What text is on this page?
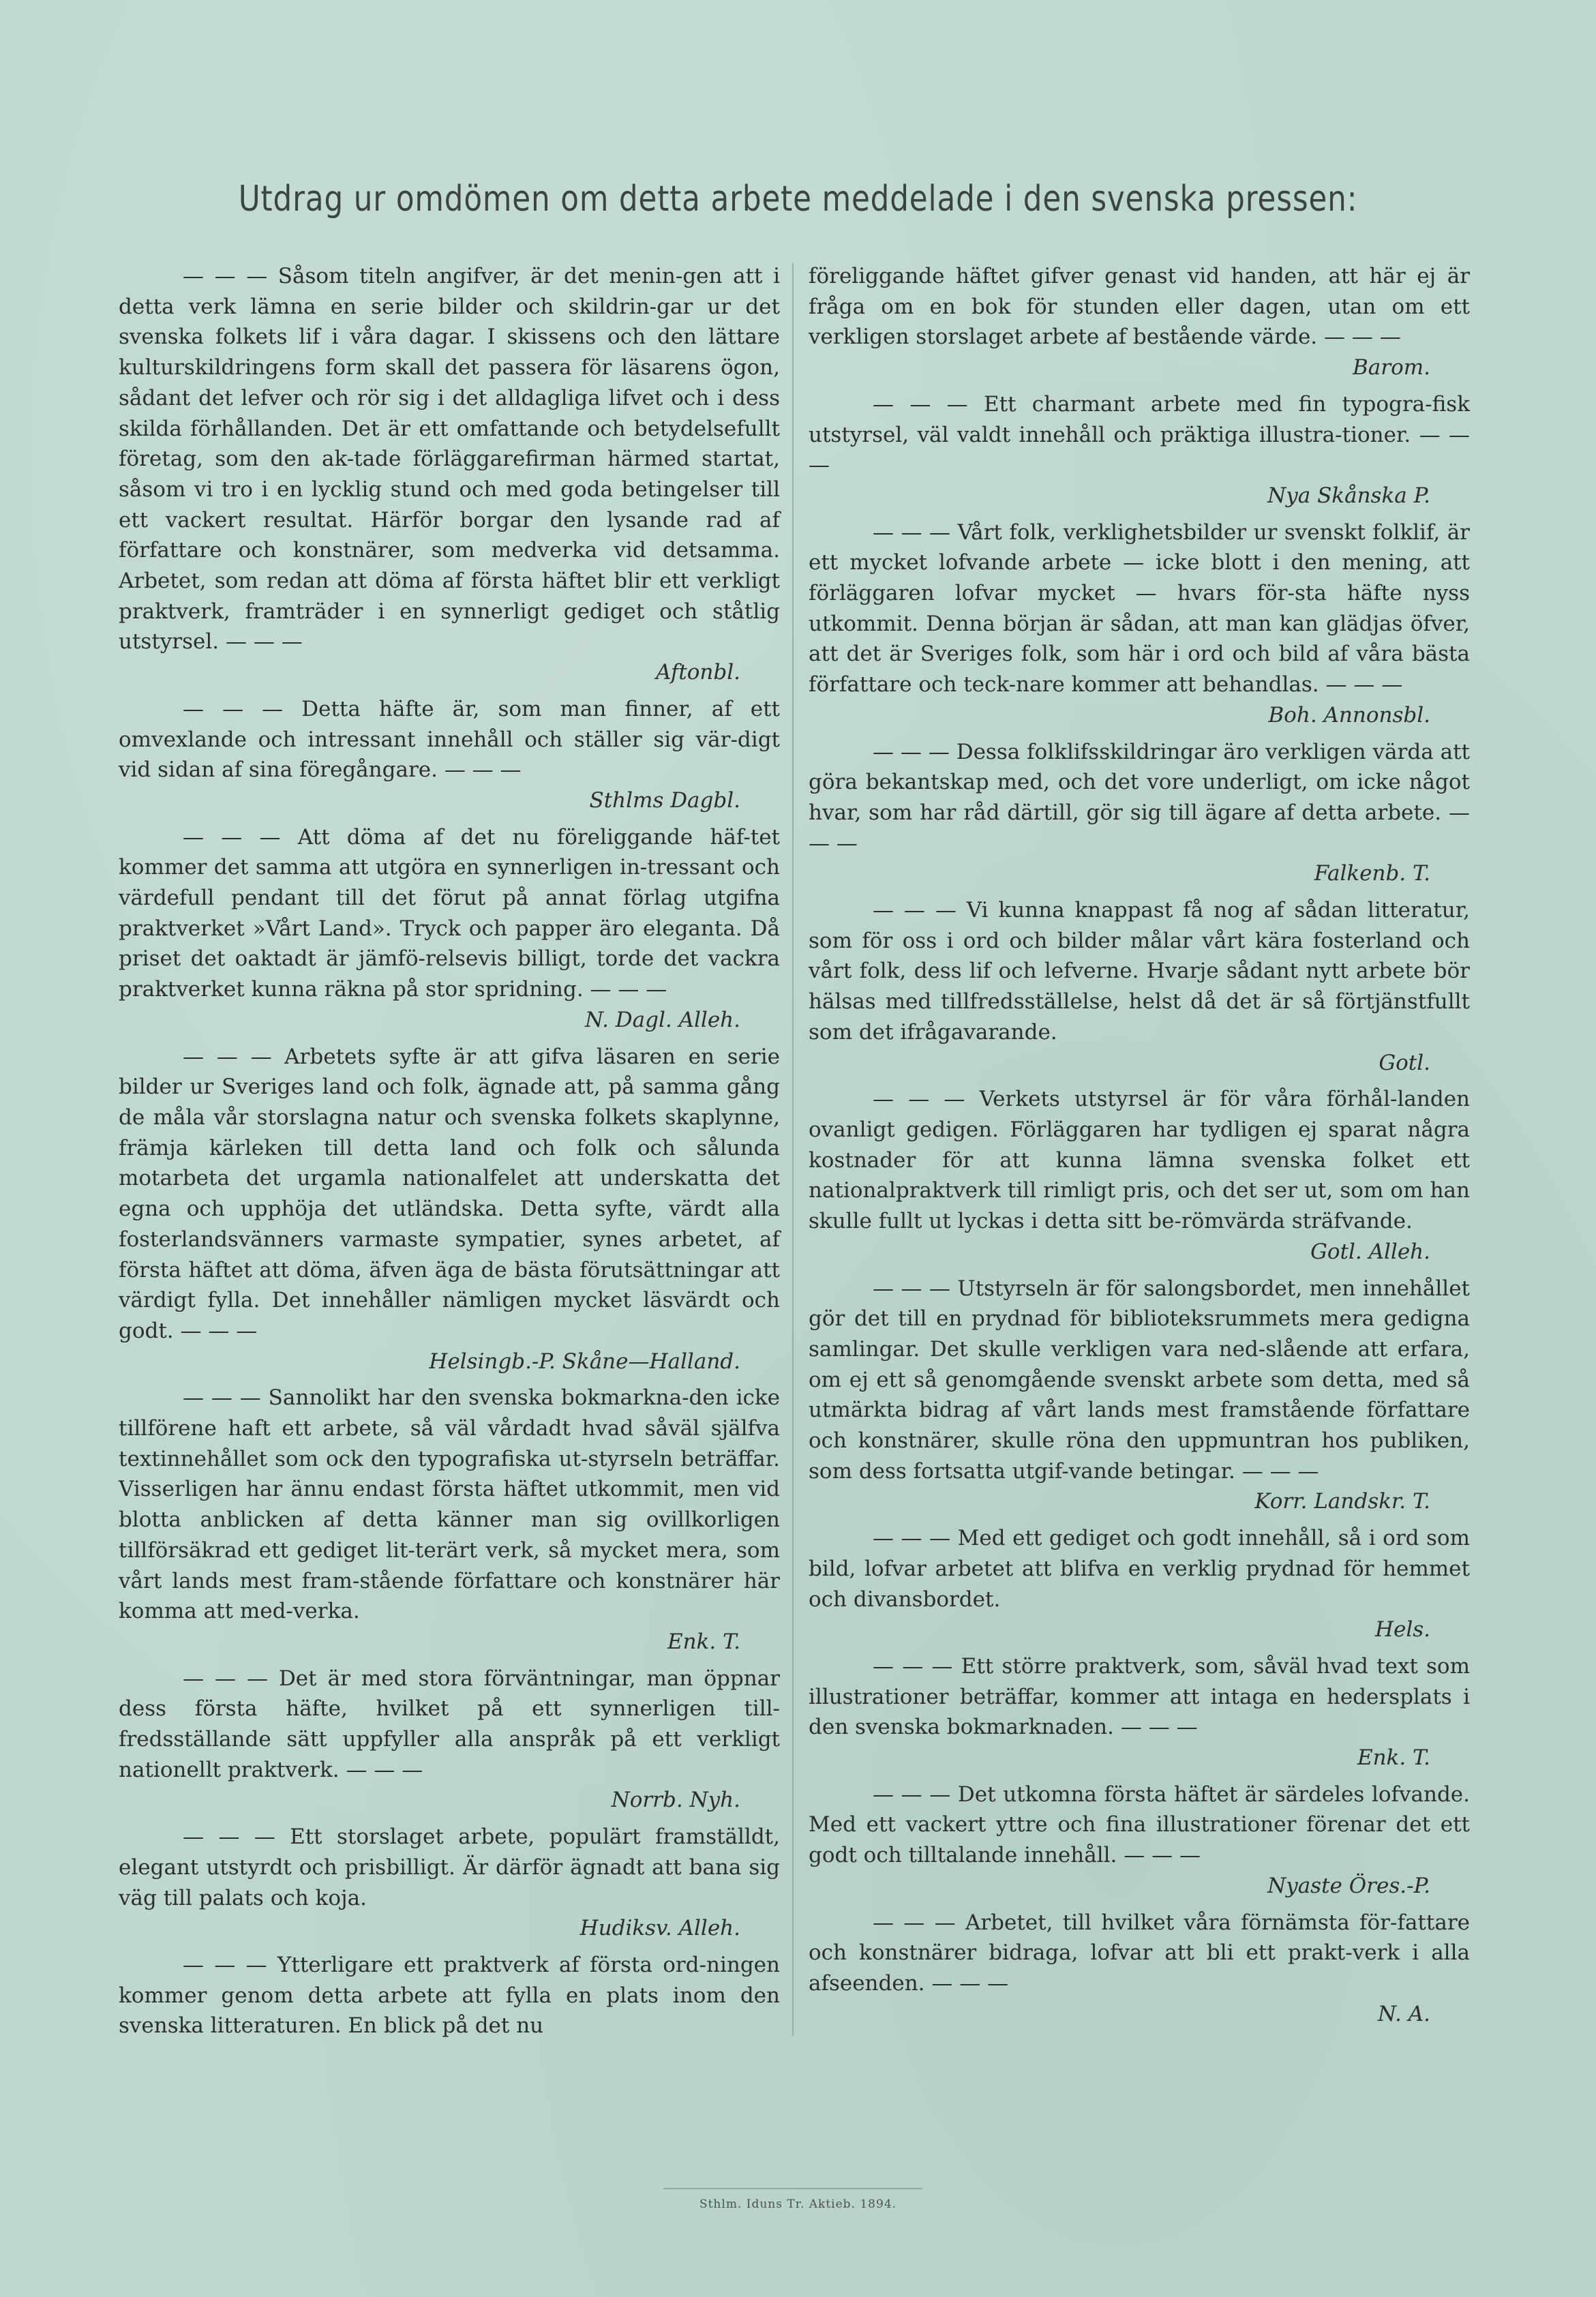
Utdrag ur omdömen om detta arbete meddelade i den svenska pressen:
— — — Såsom titeln angifver, är det menin-gen att i detta verk lämna en serie bilder och skildrin-gar ur det svenska folkets lif i våra dagar. I skissens och den lättare kulturskildringens form skall det passera för läsarens ögon, sådant det lefver och rör sig i det alldagliga lifvet och i dess skilda förhållanden. Det är ett omfattande och betydelsefullt företag, som den ak-tade förläggarefirman härmed startat, såsom vi tro i en lycklig stund och med goda betingelser till ett vackert resultat. Härför borgar den lysande rad af författare och konstnärer, som medverka vid detsamma. Arbetet, som redan att döma af första häftet blir ett verkligt praktverk, framträder i en synnerligt gediget och ståtlig utstyrsel. — — —
Aftonbl.
— — — Detta häfte är, som man finner, af ett omvexlande och intressant innehåll och ställer sig vär-digt vid sidan af sina föregångare. — — —
Sthlms Dagbl.
— — — Att döma af det nu föreliggande häf-tet kommer det samma att utgöra en synnerligen in-tressant och värdefull pendant till det förut på annat förlag utgifna praktverket »Vårt Land». Tryck och papper äro eleganta. Då priset det oaktadt är jämfö-relsevis billigt, torde det vackra praktverket kunna räkna på stor spridning. — — —
N. Dagl. Alleh.
— — — Arbetets syfte är att gifva läsaren en serie bilder ur Sveriges land och folk, ägnade att, på samma gång de måla vår storslagna natur och svenska folkets skaplynne, främja kärleken till detta land och folk och sålunda motarbeta det urgamla nationalfelet att underskatta det egna och upphöja det utländska. Detta syfte, värdt alla fosterlandsvänners varmaste sympatier, synes arbetet, af första häftet att döma, äfven äga de bästa förutsättningar att värdigt fylla. Det innehåller nämligen mycket läsvärdt och godt. — — —
Helsingb.-P. Skåne—Halland.
— — — Sannolikt har den svenska bokmarkna-den icke tillförene haft ett arbete, så väl vårdadt hvad såväl själfva textinnehållet som ock den typografiska ut-styrseln beträffar. Visserligen har ännu endast första häftet utkommit, men vid blotta anblicken af detta känner man sig ovillkorligen tillförsäkrad ett gediget lit-terärt verk, så mycket mera, som vårt lands mest fram-stående författare och konstnärer här komma att med-verka.
Enk. T.
— — — Det är med stora förväntningar, man öppnar dess första häfte, hvilket på ett synnerligen till-fredsställande sätt uppfyller alla anspråk på ett verkligt nationellt praktverk. — — —
Norrb. Nyh.
— — — Ett storslaget arbete, populärt framställdt, elegant utstyrdt och prisbilligt. Är därför ägnadt att bana sig väg till palats och koja.
Hudiksv. Alleh.
— — — Ytterligare ett praktverk af första ord-ningen kommer genom detta arbete att fylla en plats inom den svenska litteraturen. En blick på det nu
föreliggande häftet gifver genast vid handen, att här ej är fråga om en bok för stunden eller dagen, utan om ett verkligen storslaget arbete af bestående värde. — — —
Barom.
— — — Ett charmant arbete med fin typogra-fisk utstyrsel, väl valdt innehåll och präktiga illustra-tioner. — — —
Nya Skånska P.
— — — Vårt folk, verklighetsbilder ur svenskt folklif, är ett mycket lofvande arbete — icke blott i den mening, att förläggaren lofvar mycket — hvars för-sta häfte nyss utkommit. Denna början är sådan, att man kan glädjas öfver, att det är Sveriges folk, som här i ord och bild af våra bästa författare och teck-nare kommer att behandlas. — — —
Boh. Annonsbl.
— — — Dessa folklifsskildringar äro verkligen värda att göra bekantskap med, och det vore underligt, om icke något hvar, som har råd därtill, gör sig till ägare af detta arbete. — — —
Falkenb. T.
— — — Vi kunna knappast få nog af sådan litteratur, som för oss i ord och bilder målar vårt kära fosterland och vårt folk, dess lif och lefverne. Hvarje sådant nytt arbete bör hälsas med tillfredsställelse, helst då det är så förtjänstfullt som det ifrågavarande.
Gotl.
— — — Verkets utstyrsel är för våra förhål-landen ovanligt gedigen. Förläggaren har tydligen ej sparat några kostnader för att kunna lämna svenska folket ett nationalpraktverk till rimligt pris, och det ser ut, som om han skulle fullt ut lyckas i detta sitt be-römvärda sträfvande.
Gotl. Alleh.
— — — Utstyrseln är för salongsbordet, men innehållet gör det till en prydnad för biblioteksrummets mera gedigna samlingar. Det skulle verkligen vara ned-slående att erfara, om ej ett så genomgående svenskt arbete som detta, med så utmärkta bidrag af vårt lands mest framstående författare och konstnärer, skulle röna den uppmuntran hos publiken, som dess fortsatta utgif-vande betingar. — — —
Korr. Landskr. T.
— — — Med ett gediget och godt innehåll, så i ord som bild, lofvar arbetet att blifva en verklig prydnad för hemmet och divansbordet.
Hels.
— — — Ett större praktverk, som, såväl hvad text som illustrationer beträffar, kommer att intaga en hedersplats i den svenska bokmarknaden. — — —
Enk. T.
— — — Det utkomna första häftet är särdeles lofvande. Med ett vackert yttre och fina illustrationer förenar det ett godt och tilltalande innehåll. — — —
Nyaste Öres.-P.
— — — Arbetet, till hvilket våra förnämsta för-fattare och konstnärer bidraga, lofvar att bli ett prakt-verk i alla afseenden. — — —
N. A.
Sthlm. Iduns Tr. Aktieb. 1894.
